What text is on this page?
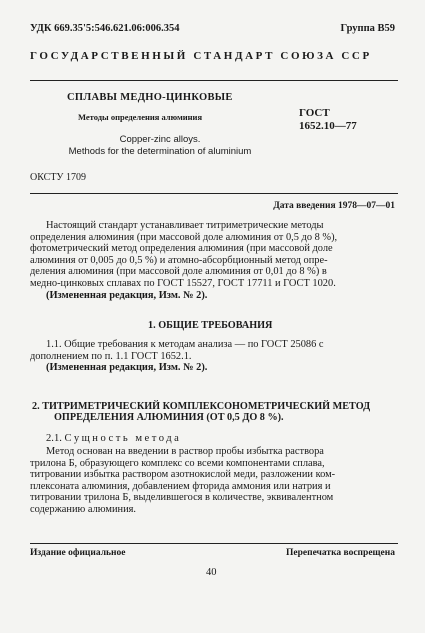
УДК 669.35'5:546.621.06:006.354	Группа В59
ГОСУДАРСТВЕННЫЙ СТАНДАРТ СОЮЗА ССР
СПЛАВЫ МЕДНО-ЦИНКОВЫЕ
Методы определения алюминия	ГОСТ
1652.10—77
Copper-zinc alloys.
Methods for the determination of aluminium
ОКСТУ 1709
Дата введения 1978—07—01
Настоящий стандарт устанавливает титриметрические методы
определения алюминия (при массовой доле алюминия от 0,5 до 8 %),
фотометрический метод определения алюминия (при массовой доле
алюминия от 0,005 до 0,5 %) и атомно-абсорбционный метод опре-
деления алюминия (при массовой доле алюминия от 0,01 до 8 %) в
медно-цинковых сплавах по ГОСТ 15527, ГОСТ 17711 и ГОСТ 1020.
(Измененная редакция, Изм. № 2).
1. ОБЩИЕ ТРЕБОВАНИЯ
1.1. Общие требования к методам анализа — по ГОСТ 25086 с
дополнением по п. 1.1 ГОСТ 1652.1.
(Измененная редакция, Изм. № 2).
2. ТИТРИМЕТРИЧЕСКИЙ КОМПЛЕКСОНОМЕТРИЧЕСКИЙ МЕТОД
ОПРЕДЕЛЕНИЯ АЛЮМИНИЯ (ОТ 0,5 ДО 8 %).
2.1. Сущность метода
Метод основан на введении в раствор пробы избытка раствора
трилона Б, образующего комплекс со всеми компонентами сплава,
титровании избытка раствором азотнокислой меди, разложении ком-
плексоната алюминия, добавлением фторида аммония или натрия и
титровании трилона Б, выделившегося в количестве, эквивалентном
содержанию алюминия.
Издание официальное	Перепечатка воспрещена
40
